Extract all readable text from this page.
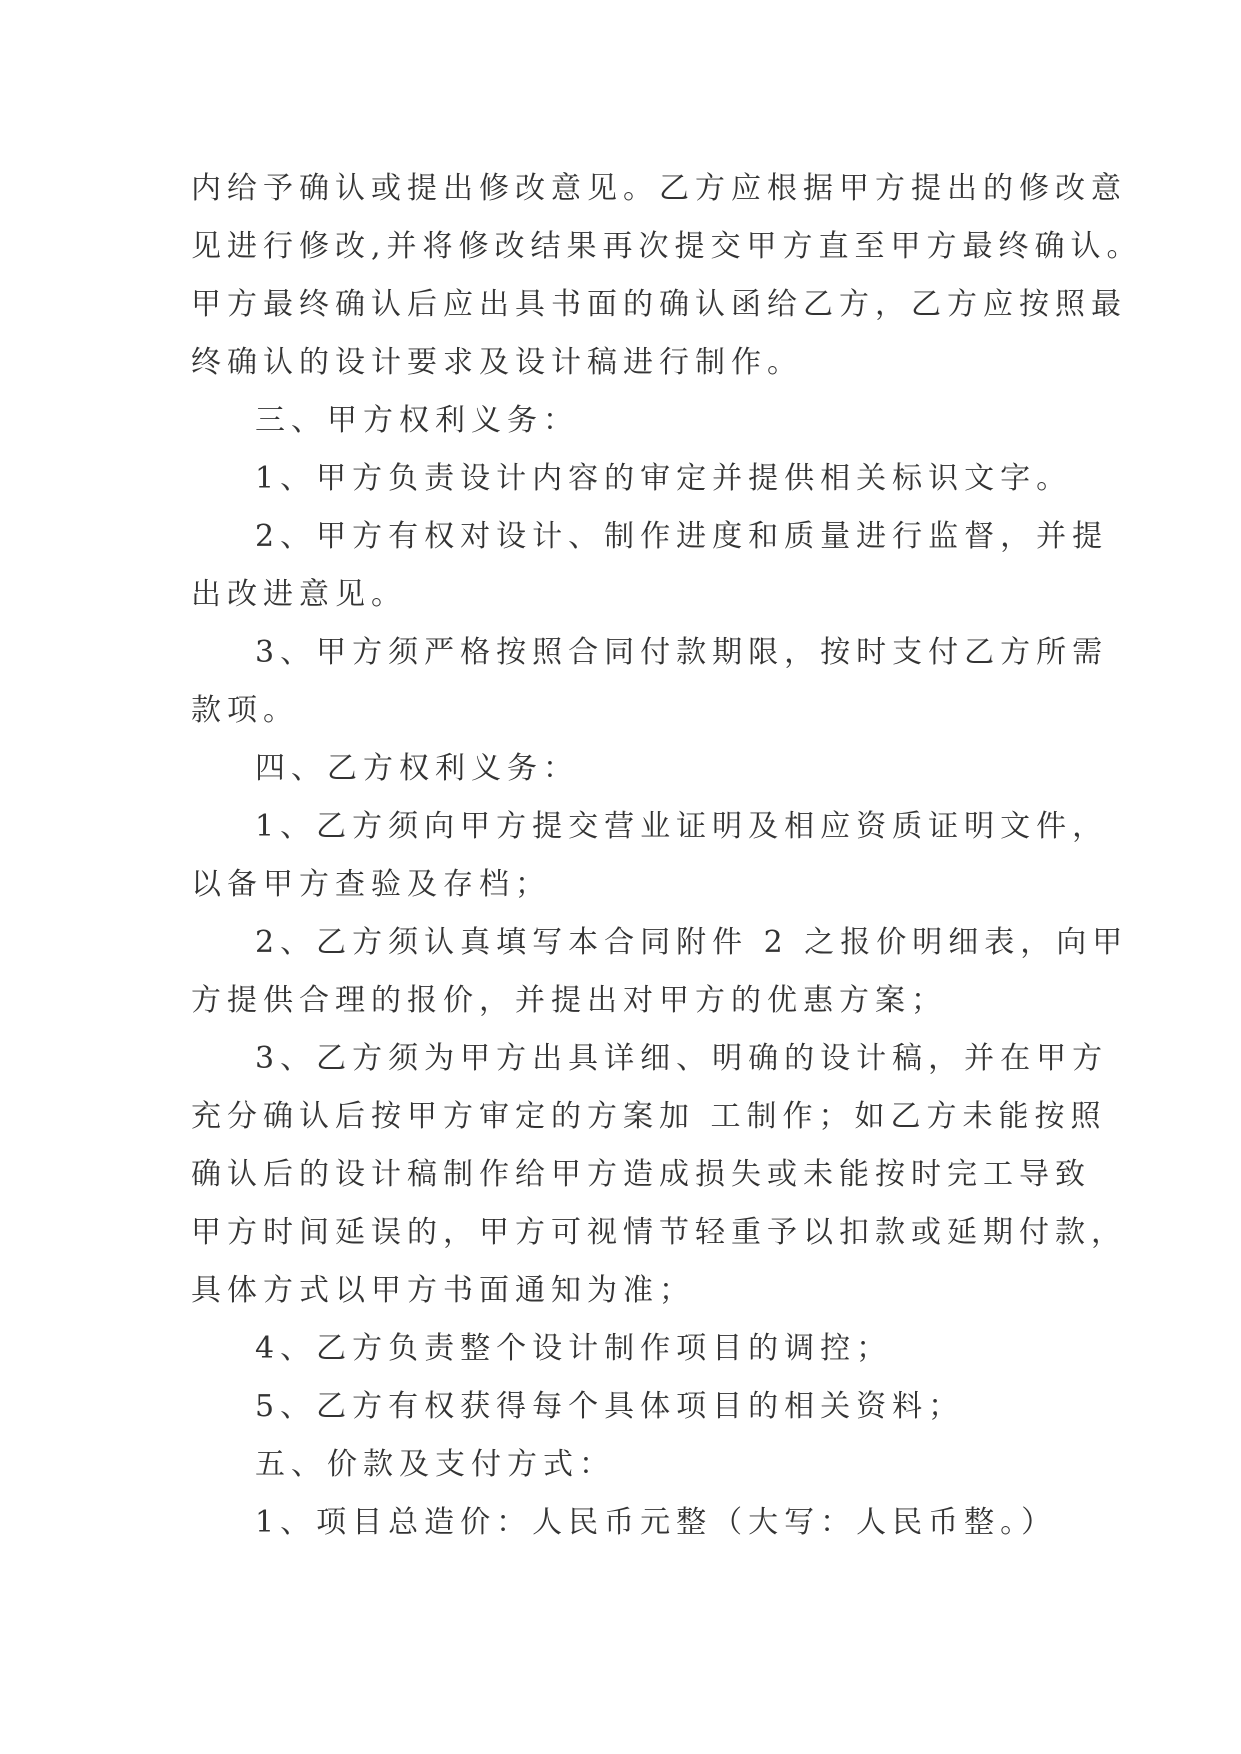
内给予确认或提出修改意见。乙方应根据甲方提出的修改意

见进行修改,并将修改结果再次提交甲方直至甲方最终确认。

甲方最终确认后应出具书面的确认函给乙方，乙方应按照最

终确认的设计要求及设计稿进行制作。

三、甲方权利义务：

1、甲方负责设计内容的审定并提供相关标识文字。

2、甲方有权对设计、制作进度和质量进行监督，并提

出改进意见。

3、甲方须严格按照合同付款期限，按时支付乙方所需

款项。

四、乙方权利义务：

1、乙方须向甲方提交营业证明及相应资质证明文件，

以备甲方查验及存档；

2、乙方须认真填写本合同附件 2 之报价明细表，向甲

方提供合理的报价，并提出对甲方的优惠方案；

3、乙方须为甲方出具详细、明确的设计稿，并在甲方

充分确认后按甲方审定的方案加 工制作；如乙方未能按照

确认后的设计稿制作给甲方造成损失或未能按时完工导致

甲方时间延误的，甲方可视情节轻重予以扣款或延期付款，

具体方式以甲方书面通知为准；

4、乙方负责整个设计制作项目的调控；

5、乙方有权获得每个具体项目的相关资料；

五、价款及支付方式：

1、项目总造价：人民币元整（大写：人民币整。）
